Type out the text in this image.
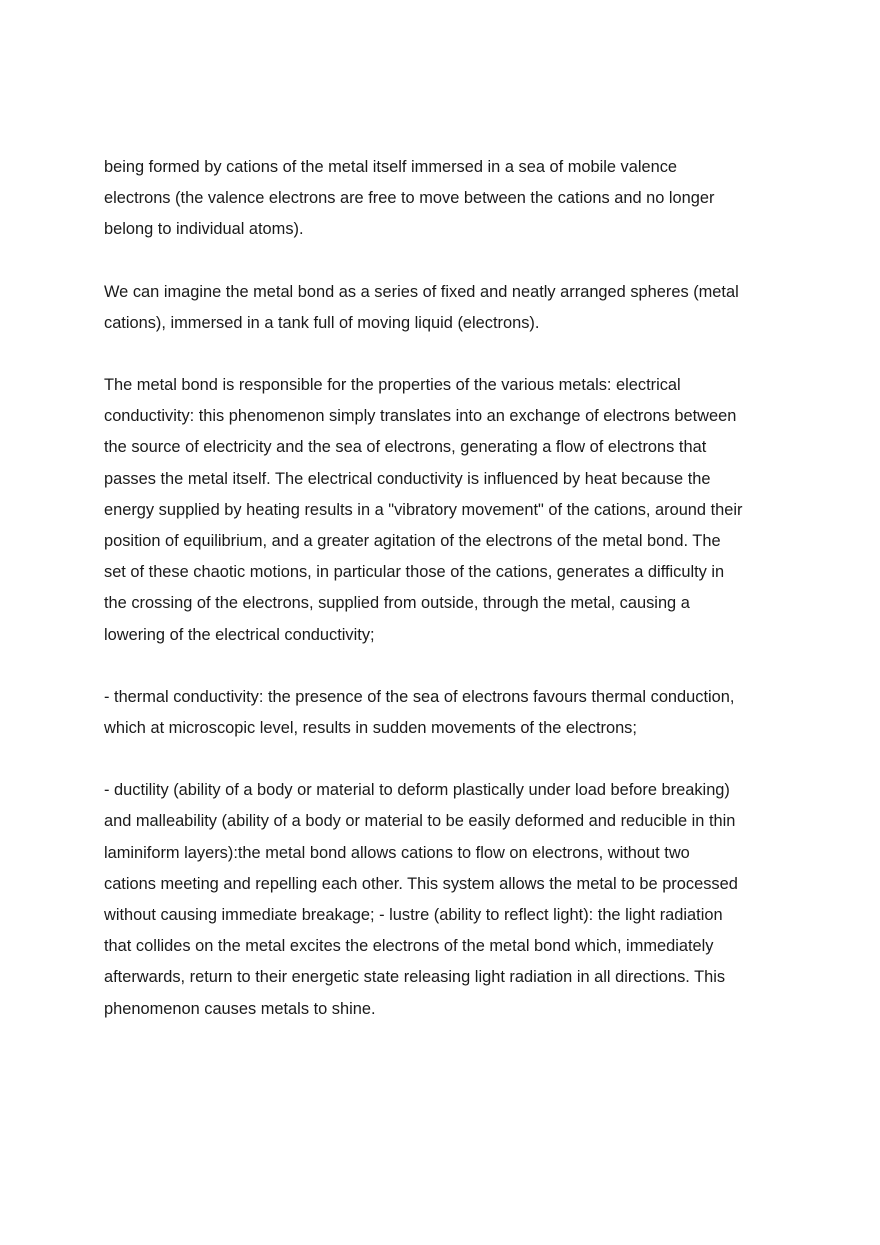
being formed by cations of the metal itself immersed in a sea of mobile valence
electrons (the valence electrons are free to move between the cations and no longer
belong to individual atoms).

We can imagine the metal bond as a series of fixed and neatly arranged spheres (metal
cations), immersed in a tank full of moving liquid (electrons).

The metal bond is responsible for the properties of the various metals: electrical
conductivity: this phenomenon simply translates into an exchange of electrons between
the source of electricity and the sea of electrons, generating a flow of electrons that
passes the metal itself. The electrical conductivity is influenced by heat because the
energy supplied by heating results in a "vibratory movement" of the cations, around their
position of equilibrium, and a greater agitation of the electrons of the metal bond. The
set of these chaotic motions, in particular those of the cations, generates a difficulty in
the crossing of the electrons, supplied from outside, through the metal, causing a
lowering of the electrical conductivity;

- thermal conductivity: the presence of the sea of electrons favours thermal conduction,
which at microscopic level, results in sudden movements of the electrons;

- ductility (ability of a body or material to deform plastically under load before breaking)
and malleability (ability of a body or material to be easily deformed and reducible in thin
laminiform layers):the metal bond allows cations to flow on electrons, without two
cations meeting and repelling each other. This system allows the metal to be processed
without causing immediate breakage; - lustre (ability to reflect light): the light radiation
that collides on the metal excites the electrons of the metal bond which, immediately
afterwards, return to their energetic state releasing light radiation in all directions. This
phenomenon causes metals to shine.
